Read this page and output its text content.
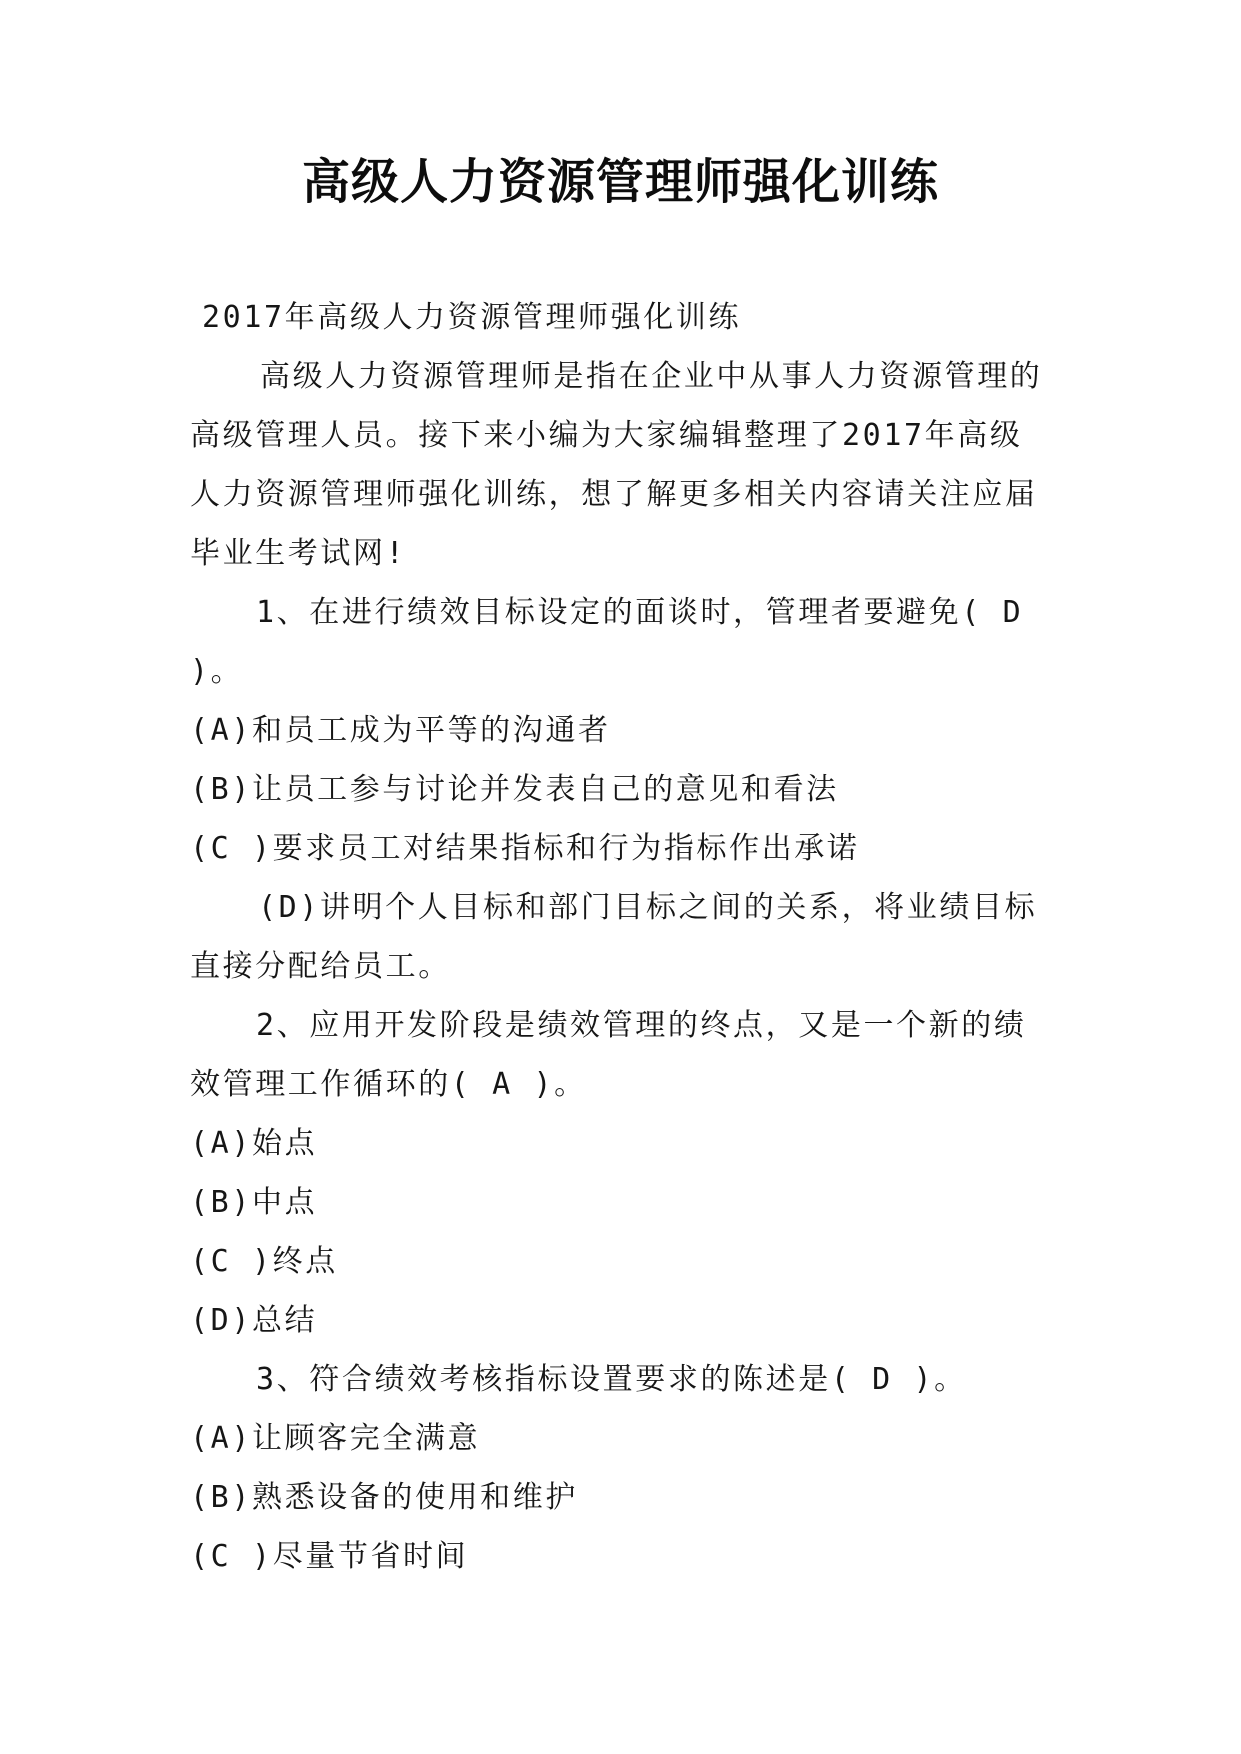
高级人力资源管理师强化训练

2017年高级人力资源管理师强化训练

高级人力资源管理师是指在企业中从事人力资源管理的高级管理人员。接下来小编为大家编辑整理了2017年高级人力资源管理师强化训练，想了解更多相关内容请关注应届毕业生考试网!

1、在进行绩效目标设定的面谈时，管理者要避免( D )。

(A)和员工成为平等的沟通者

(B)让员工参与讨论并发表自己的意见和看法

(C )要求员工对结果指标和行为指标作出承诺

(D)讲明个人目标和部门目标之间的关系，将业绩目标直接分配给员工。

2、应用开发阶段是绩效管理的终点，又是一个新的绩效管理工作循环的( A )。

(A)始点

(B)中点

(C )终点

(D)总结

3、符合绩效考核指标设置要求的陈述是( D )。

(A)让顾客完全满意

(B)熟悉设备的使用和维护

(C )尽量节省时间
